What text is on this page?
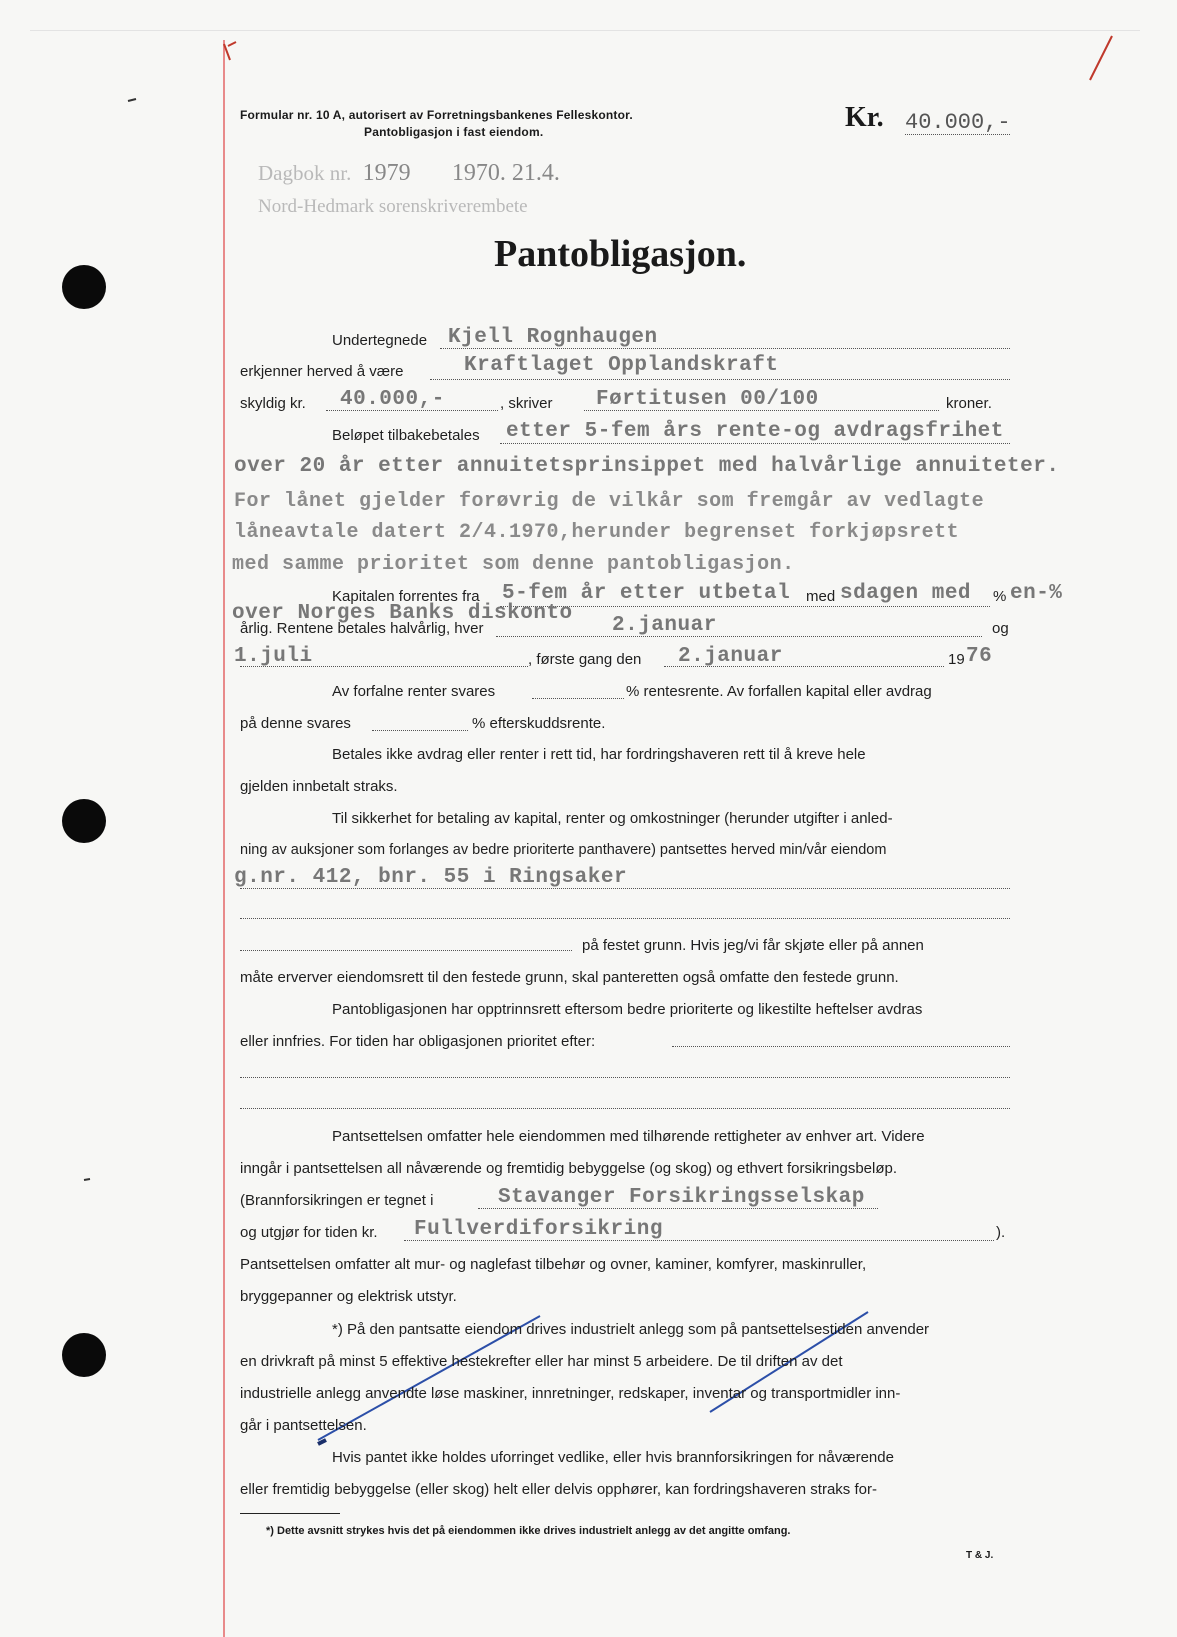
Formular nr. 10 A, autorisert av Forretningsbankenes Felleskontor.
Pantobligasjon i fast eiendom.	Kr. 40.000,-
Dagbok nr. 1979 1970. 21.4.
Nord-Hedmark sorenskriverembete
Pantobligasjon.
Undertegnede Kjell Rognhaugen
erkjenner herved å være	Kraftlaget Opplandskraft
skyldig kr. 40.000,-	, skriver Førtitusen 00/100	kroner.
Beløpet tilbakebetales etter 5-fem års rente-og avdragsfrihet
over 20 år etter annuitetsprinsippet med halvårlige annuiteter.
For lånet gjelder forøvrig de vilkår som fremgår av vedlagte
låneavtale datert 2/4.1970,herunder begrenset forkjøpsrett
med samme prioritet som denne pantobligasjon.
Kapitalen forrentes fra 5-fem år etter utbetal med sdagen med % en-%
over Norges Banks diskonto
årlig. Rentene betales halvårlig, hver	2.januar	og
1.juli	, første gang den 2.januar	19 76
Av forfalne renter svares	% rentesrente. Av forfallen kapital eller avdrag
på denne svares	% efterskuddsrente.
Betales ikke avdrag eller renter i rett tid, har fordringshaveren rett til å kreve hele
gjelden innbetalt straks.
Til sikkerhet for betaling av kapital, renter og omkostninger (herunder utgifter i anled-
ning av auksjoner som forlanges av bedre prioriterte panthavere) pantsettes herved min/vår eiendom
g.nr. 412, bnr. 55 i Ringsaker
på festet grunn. Hvis jeg/vi får skjøte eller på annen
måte erverver eiendomsrett til den festede grunn, skal panteretten også omfatte den festede grunn.
Pantobligasjonen har opptrinnsrett eftersom bedre prioriterte og likestilte heftelser avdras
eller innfries. For tiden har obligasjonen prioritet efter:
Pantsettelsen omfatter hele eiendommen med tilhørende rettigheter av enhver art. Videre
inngår i pantsettelsen all nåværende og fremtidig bebyggelse (og skog) og ethvert forsikringsbeløp.
(Brannforsikringen er tegnet i	Stavanger Forsikringsselskap
og utgjør for tiden kr. Fullverdiforsikring	).
Pantsettelsen omfatter alt mur- og naglefast tilbehør og ovner, kaminer, komfyrer, maskinruller,
bryggepanner og elektrisk utstyr.
*) På den pantsatte eiendom drives industrielt anlegg som på pantsettelsestiden anvender
en drivkraft på minst 5 effektive hestekrefter eller har minst 5 arbeidere. De til driften av det
industrielle anlegg anvendte løse maskiner, innretninger, redskaper, inventar og transportmidler inn-
går i pantsettelsen.
Hvis pantet ikke holdes uforringet vedlike, eller hvis brannforsikringen for nåværende
eller fremtidig bebyggelse (eller skog) helt eller delvis opphører, kan fordringshaveren straks for-
*) Dette avsnitt strykes hvis det på eiendommen ikke drives industrielt anlegg av det angitte omfang.
T & J.
